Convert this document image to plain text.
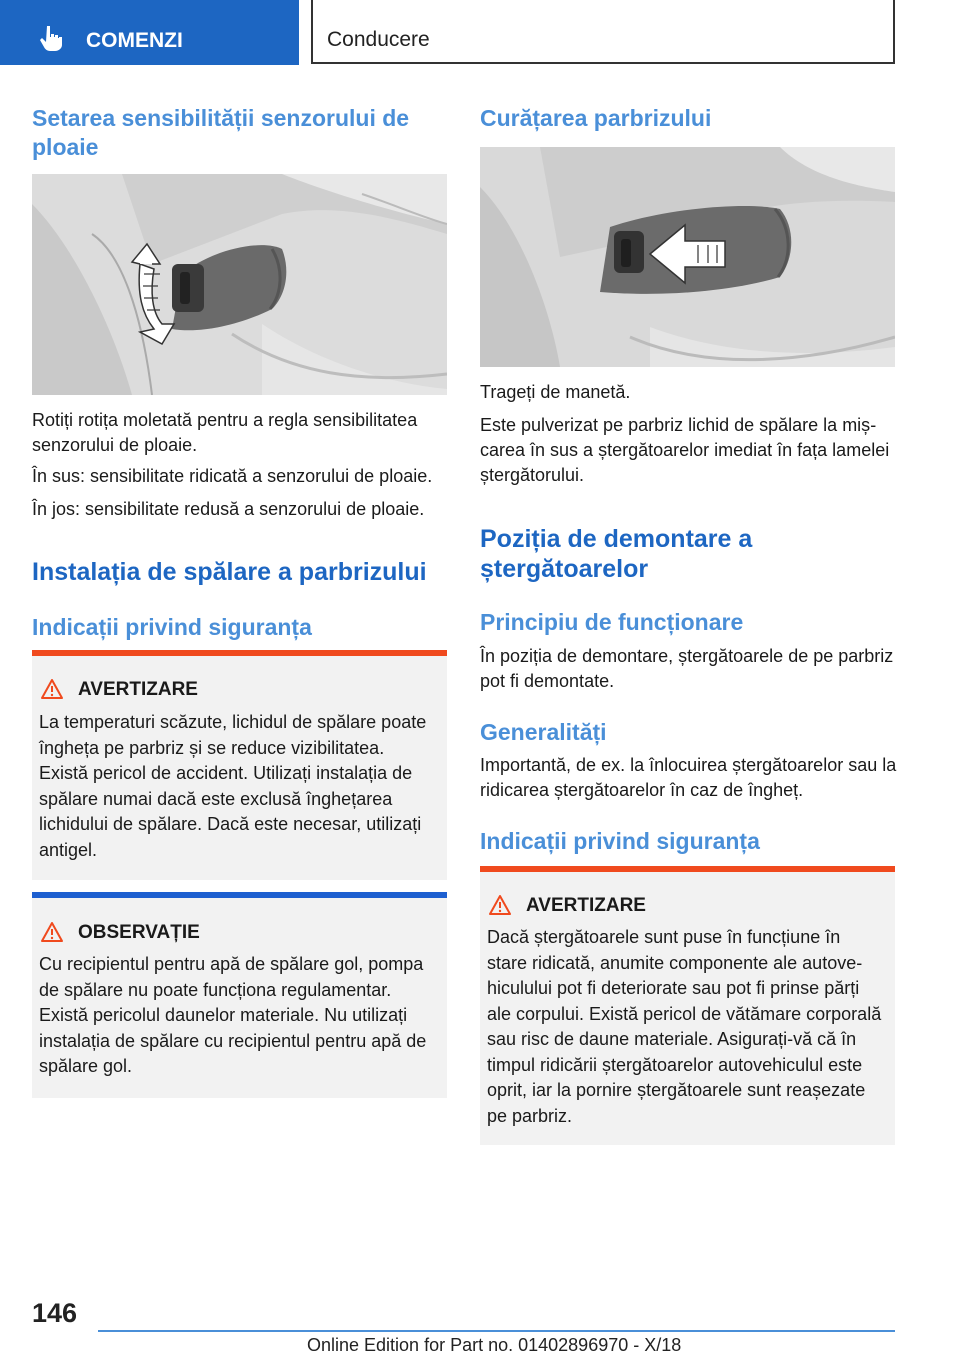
COMENZI	Conducere
Setarea sensibilității senzorului de ploaie

Rotiți rotița moletată pentru a regla sensibilitatea senzorului de ploaie.

În sus: sensibilitate ridicată a senzorului de ploaie.

În jos: sensibilitate redusă a senzorului de ploaie.

Instalația de spălare a parbrizului
Indicații privind siguranța
AVERTIZARE

La temperaturi scăzute, lichidul de spălare poate îngheța pe parbriz și se reduce vizibilitatea. Există pericol de accident. Utilizați instalația de spălare numai dacă este exclusă înghețarea lichidului de spălare. Dacă este necesar, utilizați antigel.

OBSERVAȚIE

Cu recipientul pentru apă de spălare gol, pompa de spălare nu poate funcționa regulamentar. Există pericolul daunelor materiale. Nu utilizați instalația de spălare cu recipientul pentru apă de spălare gol.

Curățarea parbrizului

Trageți de manetă.

Este pulverizat pe parbriz lichid de spălare la mișcarea în sus a ștergătoarelor imediat în fața lamelei ștergătorului.

Poziția de demontare a ștergătoarelor
Principiu de funcționare

În poziția de demontare, ștergătoarele de pe parbriz pot fi demontate.

Generalități

Importantă, de ex. la înlocuirea ștergătoarelor sau la ridicarea ștergătoarelor în caz de îngheț.

Indicații privind siguranța
AVERTIZARE

Dacă ștergătoarele sunt puse în funcțiune în stare ridicată, anumite componente ale autovehiculului pot fi deteriorate sau pot fi prinse părți ale corpului. Există pericol de vătămare corporală sau risc de daune materiale. Asigurați-vă că în timpul ridicării ștergătoarelor autovehiculul este oprit, iar la pornire ștergătoarele sunt reașezate pe parbriz.

146
Online Edition for Part no. 01402896970 - X/18
